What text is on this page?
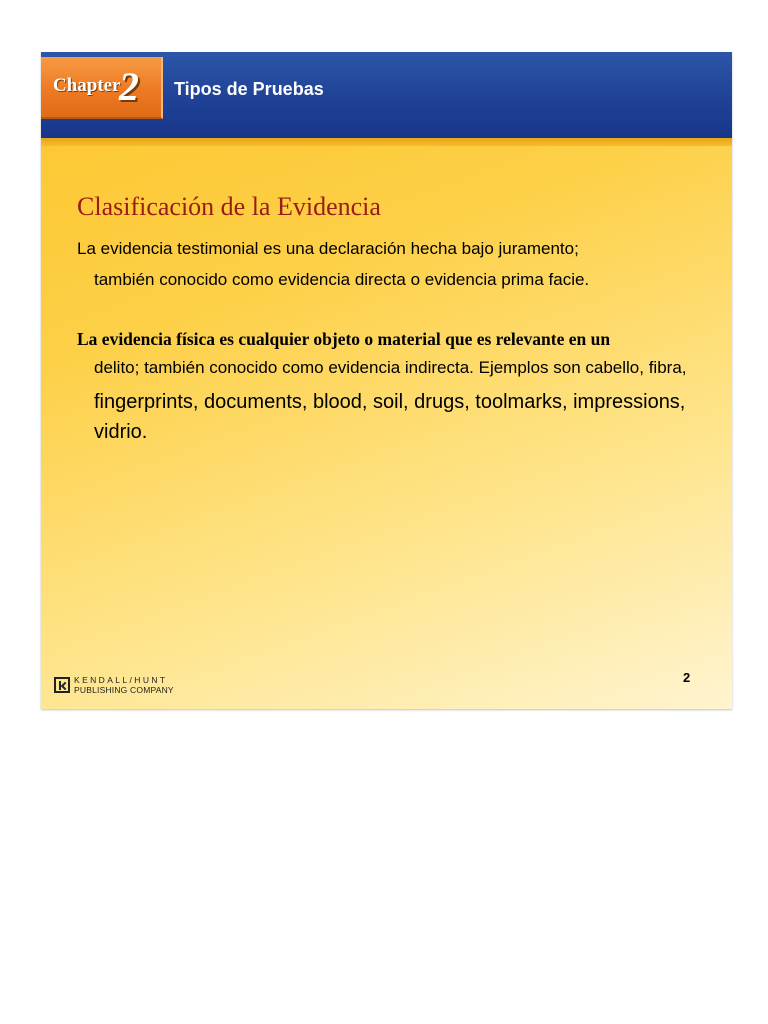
Chapter
2 Tipos de Pruebas
Clasificación de la Evidencia
La evidencia testimonial es una declaración hecha bajo juramento;
también conocido como evidencia directa o evidencia prima facie.
La evidencia física es cualquier objeto o material que es relevante en un
delito; también conocido como evidencia indirecta. Ejemplos son cabello, fibra,
fingerprints, documents, blood, soil, drugs, toolmarks, impressions,
vidrio.
KENDALL/HUNT
PUBLISHING COMPANY
2
